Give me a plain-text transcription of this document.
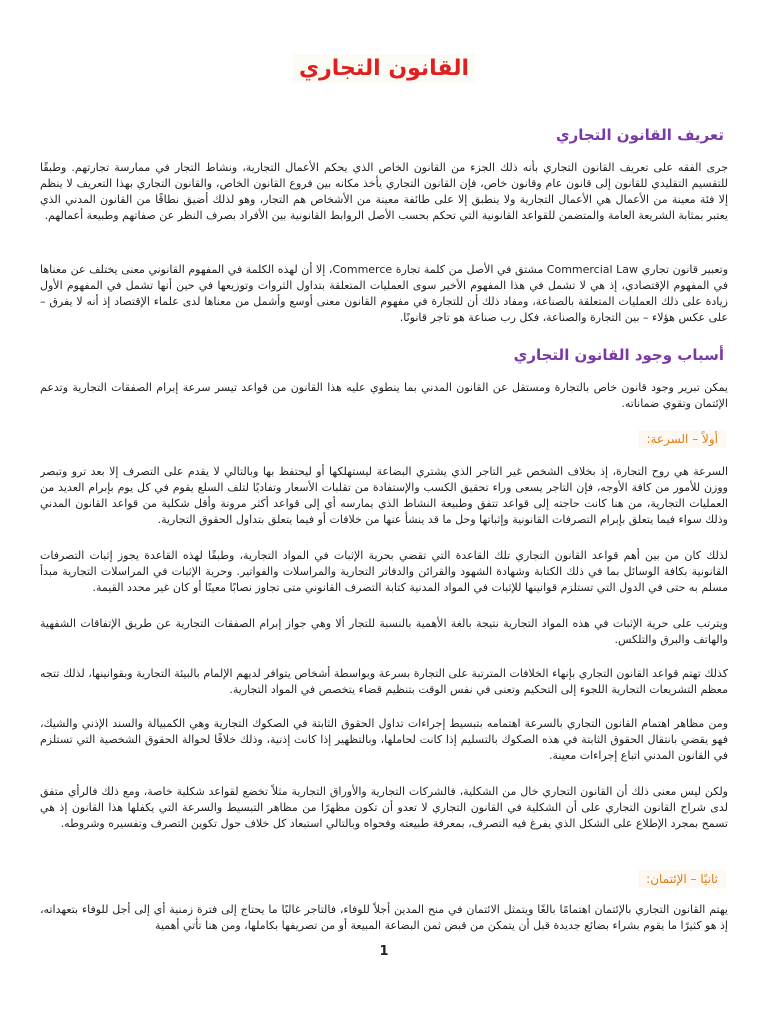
القانون التجاري
تعريف القانون التجاري
جرى الفقه على تعريف القانون التجاري بأنه ذلك الجزء من القانون الخاص الذي يحكم الأعمال التجارية، ونشاط التجار في ممارسة تجارتهم. وطبقًا للتقسيم التقليدي للقانون إلى قانون عام وقانون خاص، فإن القانون التجاري يأخذ مكانه بين فروع القانون الخاص، والقانون التجاري بهذا التعريف لا ينظم إلا فئة معينة من الأعمال هي الأعمال التجارية ولا ينطبق إلا على طائفة معينة من الأشخاص هم التجار، وهو لذلك أضيق نطاقًا من القانون المدني الذي يعتبر بمثابة الشريعة العامة والمتضمن للقواعد القانونية التي تحكم بحسب الأصل الروابط القانونية بين الأفراد بصرف النظر عن صفاتهم وطبيعة أعمالهم.
وتعبير قانون تجاري Commercial Law مشتق في الأصل من كلمة تجارة Commerce، إلا أن لهذه الكلمة في المفهوم القانوني معنى يختلف عن معناها في المفهوم الإقتصادي، إذ هي لا تشمل في هذا المفهوم الأخير سوى العمليات المتعلقة بتداول الثروات وتوزيعها في حين أنها تشمل في المفهوم الأول زيادة على ذلك العمليات المتعلقة بالصناعة، ومفاد ذلك أن للتجارة في مفهوم القانون معنى أوسع وأشمل من معناها لدى علماء الإقتصاد إذ أنه لا يفرق – على عكس هؤلاء – بين التجارة والصناعة، فكل رب صناعة هو تاجر قانونًا.
أسباب وجود القانون التجاري
يمكن تبرير وجود قانون خاص بالتجارة ومستقل عن القانون المدني بما ينطوي عليه هذا القانون من قواعد تيسر سرعة إبرام الصفقات التجارية وتدعم الإئتمان وتقوي ضماناته.
أولاً – السرعة:
السرعة هي روح التجارة، إذ بخلاف الشخص غير التاجر الذي يشتري البضاعة ليستهلكها أو ليحتفظ بها وبالتالي لا يقدم على التصرف إلا بعد ترو وتبصر ووزن للأمور من كافة الأوجه، فإن التاجر يسعى وراء تحقيق الكسب والإستفادة من تقلبات الأسعار وتفاديًا لتلف السلع يقوم في كل يوم بإبرام العديد من العمليات التجارية، من هنا كانت حاجته إلى قواعد تتفق وطبيعة النشاط الذي يمارسه أي إلى قواعد أكثر مرونة وأقل شكلية من قواعد القانون المدني وذلك سواء فيما يتعلق بإبرام التصرفات القانونية وإثباتها وحل ما قد ينشأ عنها من خلافات أو فيما يتعلق بتداول الحقوق التجارية.
لذلك كان من بين أهم قواعد القانون التجاري تلك القاعدة التي تقضي بحرية الإثبات في المواد التجارية، وطبقًا لهذه القاعدة يجوز إثبات التصرفات القانونية بكافة الوسائل بما في ذلك الكتابة وشهادة الشهود والقرائن والدفاتر التجارية والمراسلات والفواتير. وحرية الإثبات في المراسلات التجارية مبدأ مسلم به حتى في الدول التي تستلزم قوانينها للإثبات في المواد المدنية كتابة التصرف القانوني متى تجاوز نصابًا معينًا أو كان غير محدد القيمة.
ويترتب على حرية الإثبات في هذه المواد التجارية نتيجة بالغة الأهمية بالنسبة للتجار ألا وهي جواز إبرام الصفقات التجارية عن طريق الإتفاقات الشفهية والهاتف والبرق والتلكس.
كذلك تهتم قواعد القانون التجاري بإنهاء الخلافات المترتبة على التجارة بسرعة وبواسطة أشخاص يتوافر لديهم الإلمام بالبيئة التجارية وبقوانينها، لذلك تتجه معظم التشريعات التجارية اللجوء إلى التحكيم وتعنى في نفس الوقت بتنظيم قضاء يتخصص في المواد التجارية.
ومن مظاهر اهتمام القانون التجاري بالسرعة اهتمامه بتبسيط إجراءات تداول الحقوق الثابتة في الصكوك التجارية وهي الكمبيالة والسند الإذني والشيك، فهو يقضي بانتقال الحقوق الثابتة في هذه الصكوك بالتسليم إذا كانت لحاملها، وبالتظهير إذا كانت إذنية، وذلك خلافًا لحوالة الحقوق الشخصية التي تستلزم في القانون المدني اتباع إجراءات معينة.
ولكن ليس معنى ذلك أن القانون التجاري خال من الشكلية، فالشركات التجارية والأوراق التجارية مثلاً تخضع لقواعد شكلية خاصة، ومع ذلك فالرأي متفق لدى شراح القانون التجاري على أن الشكلية في القانون التجاري لا تعدو أن تكون مظهرًا من مظاهر التبسيط والسرعة التي يكفلها هذا القانون إذ هي تسمح بمجرد الإطلاع على الشكل الذي يفرغ فيه التصرف، بمعرفة طبيعته وفحواه وبالتالي استبعاد كل خلاف حول تكوين التصرف وتفسيره وشروطه.
ثانيًا – الإئتمان:
يهتم القانون التجاري بالإئتمان اهتمامًا بالغًا ويتمثل الائتمان في منح المدين أجلاً للوفاء، فالتاجر غالبًا ما يحتاج إلى فترة زمنية أي إلى أجل للوفاء بتعهداته، إذ هو كثيرًا ما يقوم بشراء بضائع جديدة قبل أن يتمكن من قبض ثمن البضاعة المبيعة أو من تصريفها بكاملها، ومن هنا تأتي أهمية
1
